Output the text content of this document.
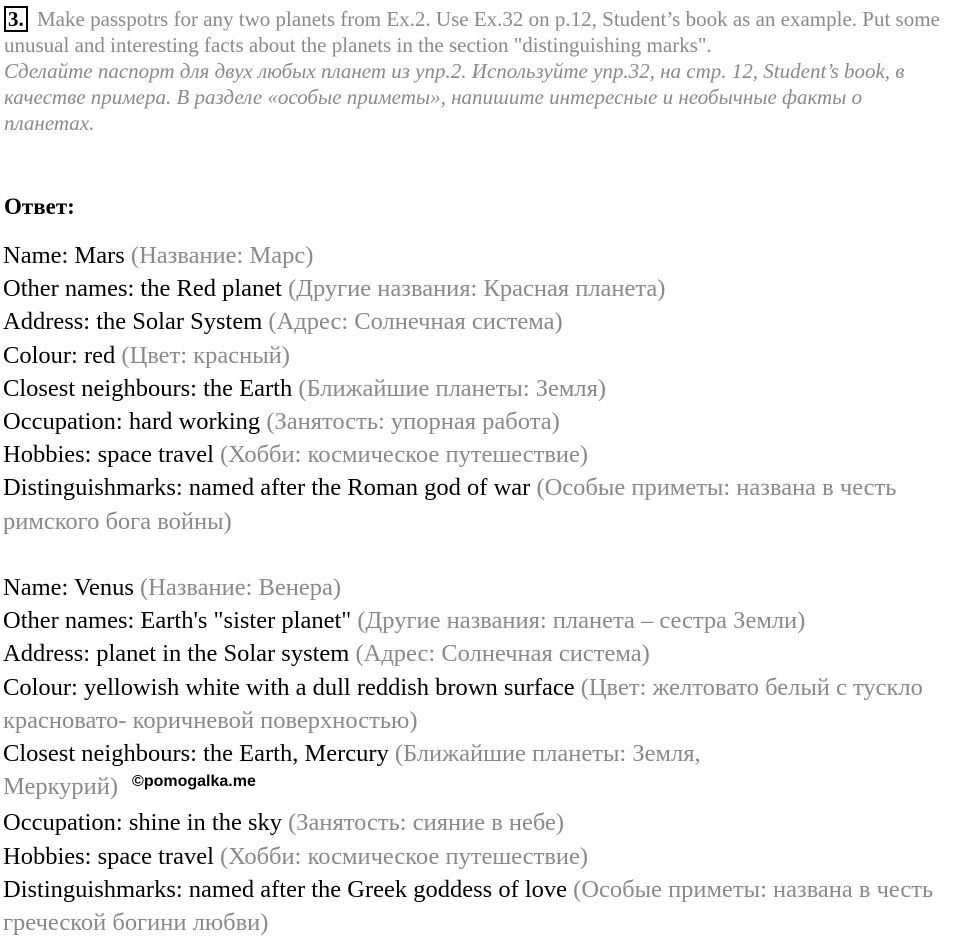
3. Make passpotrs for any two planets from Ex.2. Use Ex.32 on p.12, Student’s book as an example. Put some unusual and interesting facts about the planets in the section "distinguishing marks".
Сделайте паспорт для двух любых планет из упр.2. Используйте упр.32, на стр. 12, Student’s book, в качестве примера. В разделе «особые приметы», напишите интересные и необычные факты о планетах.
Ответ:
Name: Mars (Название: Марс)
Other names: the Red planet (Другие названия: Красная планета)
Address: the Solar System (Адрес: Солнечная система)
Colour: red (Цвет: красный)
Closest neighbours: the Earth (Ближайшие планеты: Земля)
Occupation: hard working (Занятость: упорная работа)
Hobbies: space travel (Хобби: космическое путешествие)
Distinguishmarks: named after the Roman god of war (Особые приметы: названа в честь римского бога войны)
Name: Venus (Название: Венера)
Other names: Earth's "sister planet" (Другие названия: планета – сестра Земли)
Address: planet in the Solar system (Адрес: Солнечная система)
Colour: yellowish white with a dull reddish brown surface (Цвет: желтовато белый с тускло красновато- коричневой поверхностью)
Closest neighbours: the Earth, Mercury (Ближайшие планеты: Земля, Меркурий) $^{©pomogalka.me}$
Occupation: shine in the sky (Занятость: сияние в небе)
Hobbies: space travel (Хобби: космическое путешествие)
Distinguishmarks: named after the Greek goddess of love (Особые приметы: названа в честь греческой богини любви)
